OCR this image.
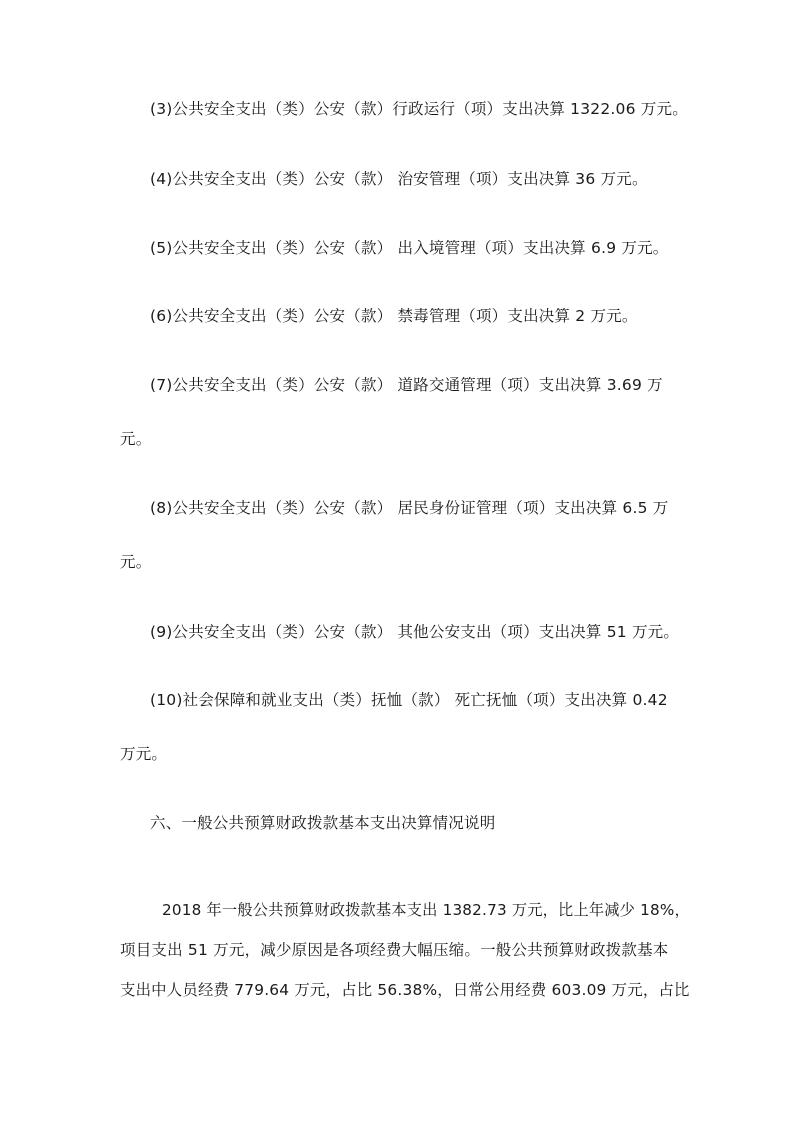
(3)公共安全支出（类）公安（款）行政运行（项）支出决算 1322.06 万元。
(4)公共安全支出（类）公安（款） 治安管理（项）支出决算 36 万元。
(5)公共安全支出（类）公安（款） 出入境管理（项）支出决算 6.9 万元。
(6)公共安全支出（类）公安（款） 禁毒管理（项）支出决算 2 万元。
(7)公共安全支出（类）公安（款） 道路交通管理（项）支出决算 3.69 万
元。
(8)公共安全支出（类）公安（款） 居民身份证管理（项）支出决算 6.5 万
元。
(9)公共安全支出（类）公安（款） 其他公安支出（项）支出决算 51 万元。
(10)社会保障和就业支出（类）抚恤（款） 死亡抚恤（项）支出决算 0.42
万元。
六、一般公共预算财政拨款基本支出决算情况说明
2018 年一般公共预算财政拨款基本支出 1382.73 万元，比上年减少 18%，
项目支出 51 万元，减少原因是各项经费大幅压缩。一般公共预算财政拨款基本
支出中人员经费 779.64 万元，占比 56.38%，日常公用经费 603.09 万元，占比
